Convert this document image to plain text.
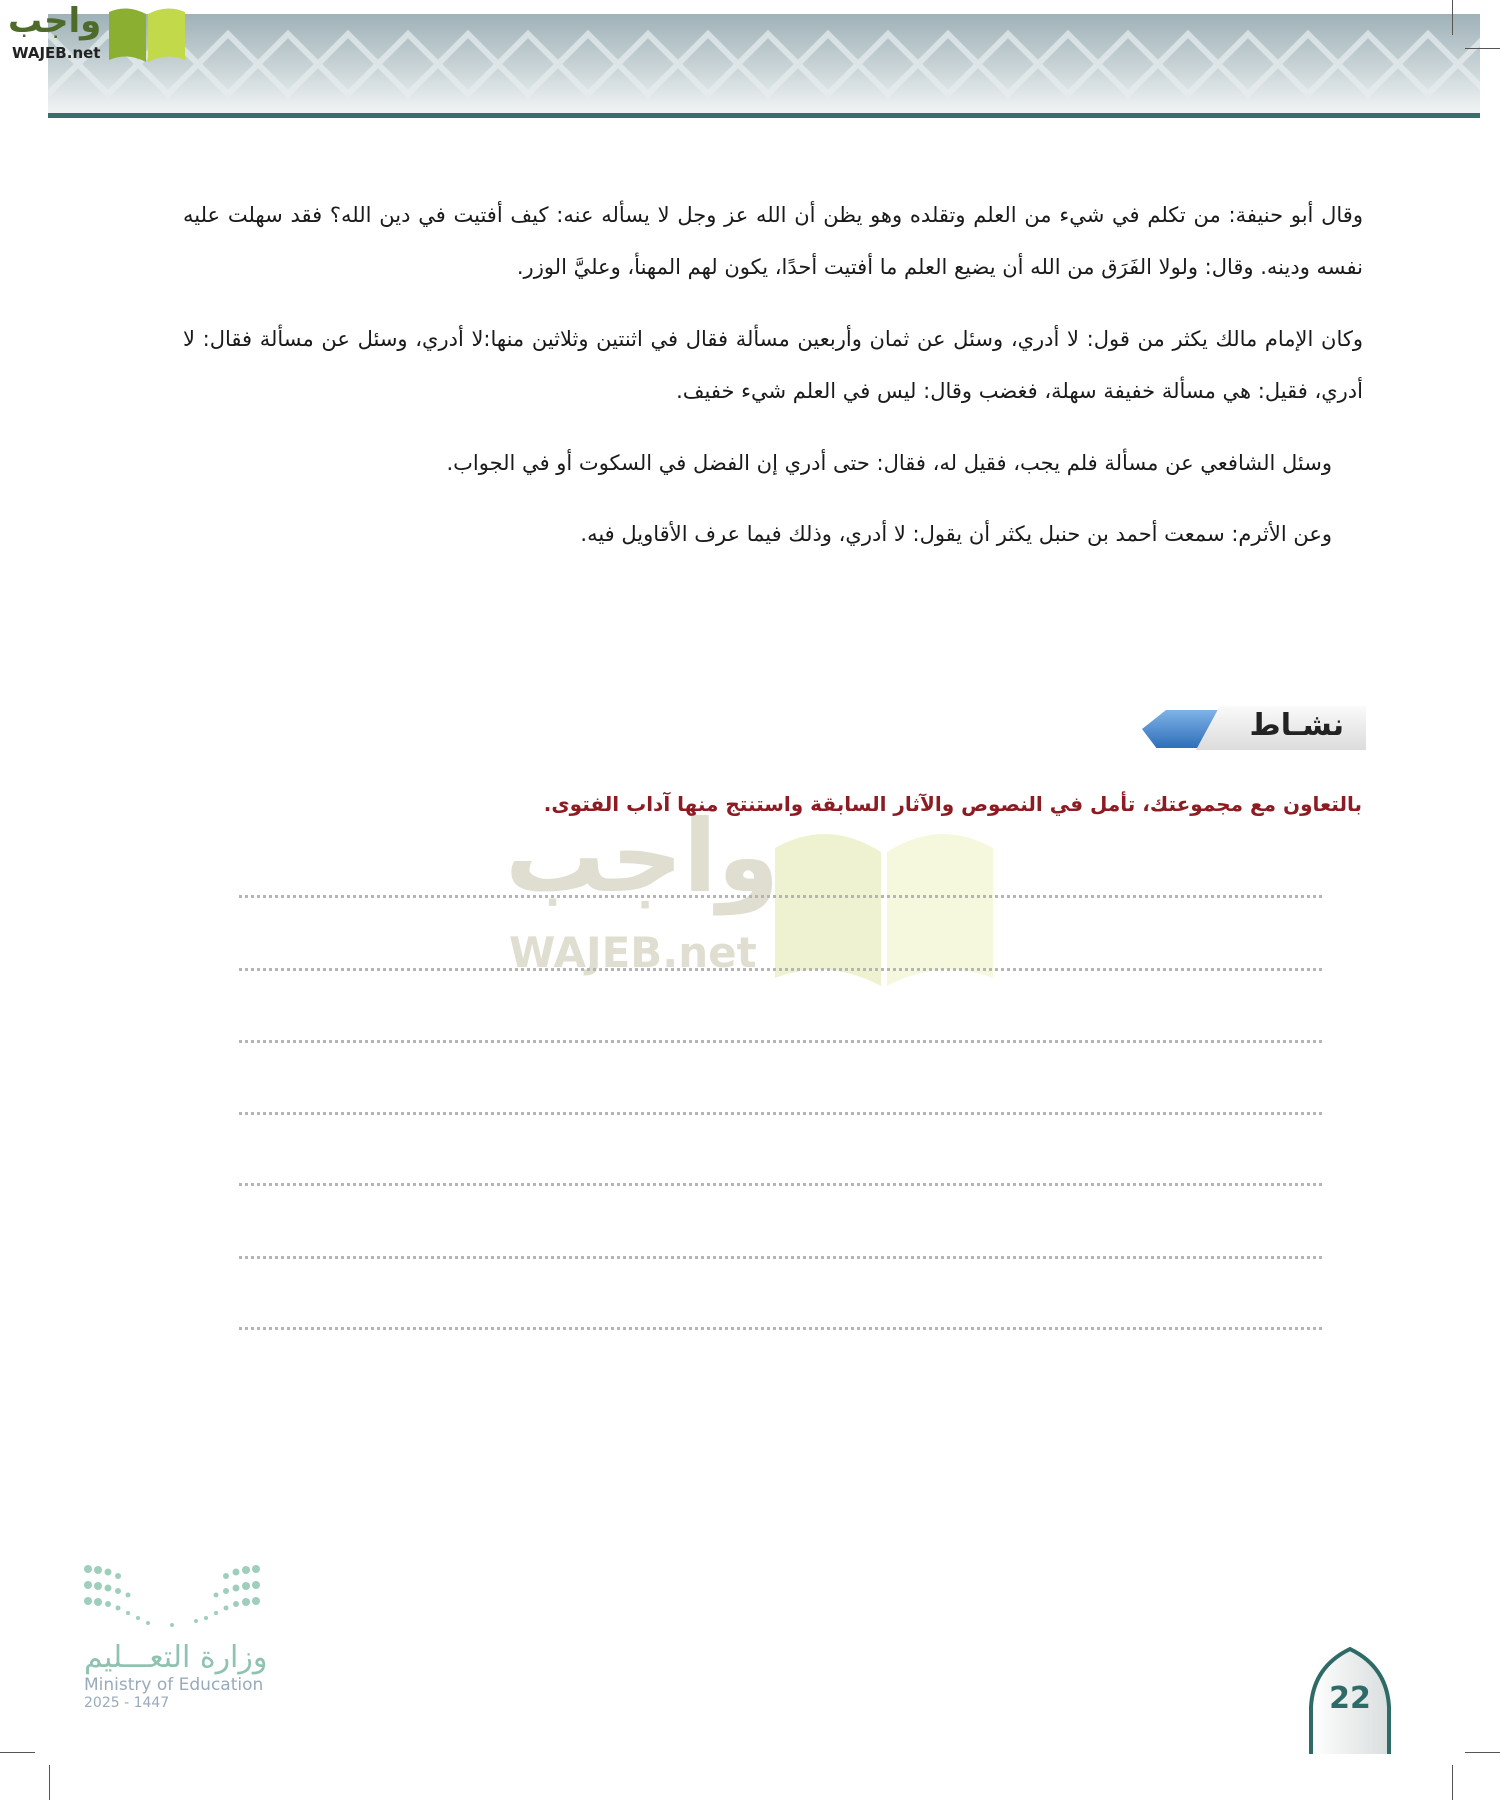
واجب
WAJEB.net

وقال أبو حنيفة: من تكلم في شيء من العلم وتقلده وهو يظن أن الله عز وجل لا يسأله عنه: كيف أفتيت في دين الله؟ فقد سهلت عليه نفسه ودينه. وقال: ولولا الفَرَق من الله أن يضيع العلم ما أفتيت أحدًا، يكون لهم المهنأ، وعليَّ الوزر.

وكان الإمام مالك يكثر من قول: لا أدري، وسئل عن ثمان وأربعين مسألة فقال في اثنتين وثلاثين منها:لا أدري، وسئل عن مسألة فقال: لا أدري، فقيل: هي مسألة خفيفة سهلة، فغضب وقال: ليس في العلم شيء خفيف.

وسئل الشافعي عن مسألة فلم يجب، فقيل له، فقال: حتى أدري إن الفضل في السكوت أو في الجواب.

وعن الأثرم: سمعت أحمد بن حنبل يكثر أن يقول: لا أدري، وذلك فيما عرف الأقاويل فيه.

نشـاط

بالتعاون مع مجموعتك، تأمل في النصوص والآثار السابقة واستنتج منها آداب الفتوى.

واجب
WAJEB.net
وزارة التعـــليم
Ministry of Education
2025 - 1447	22
